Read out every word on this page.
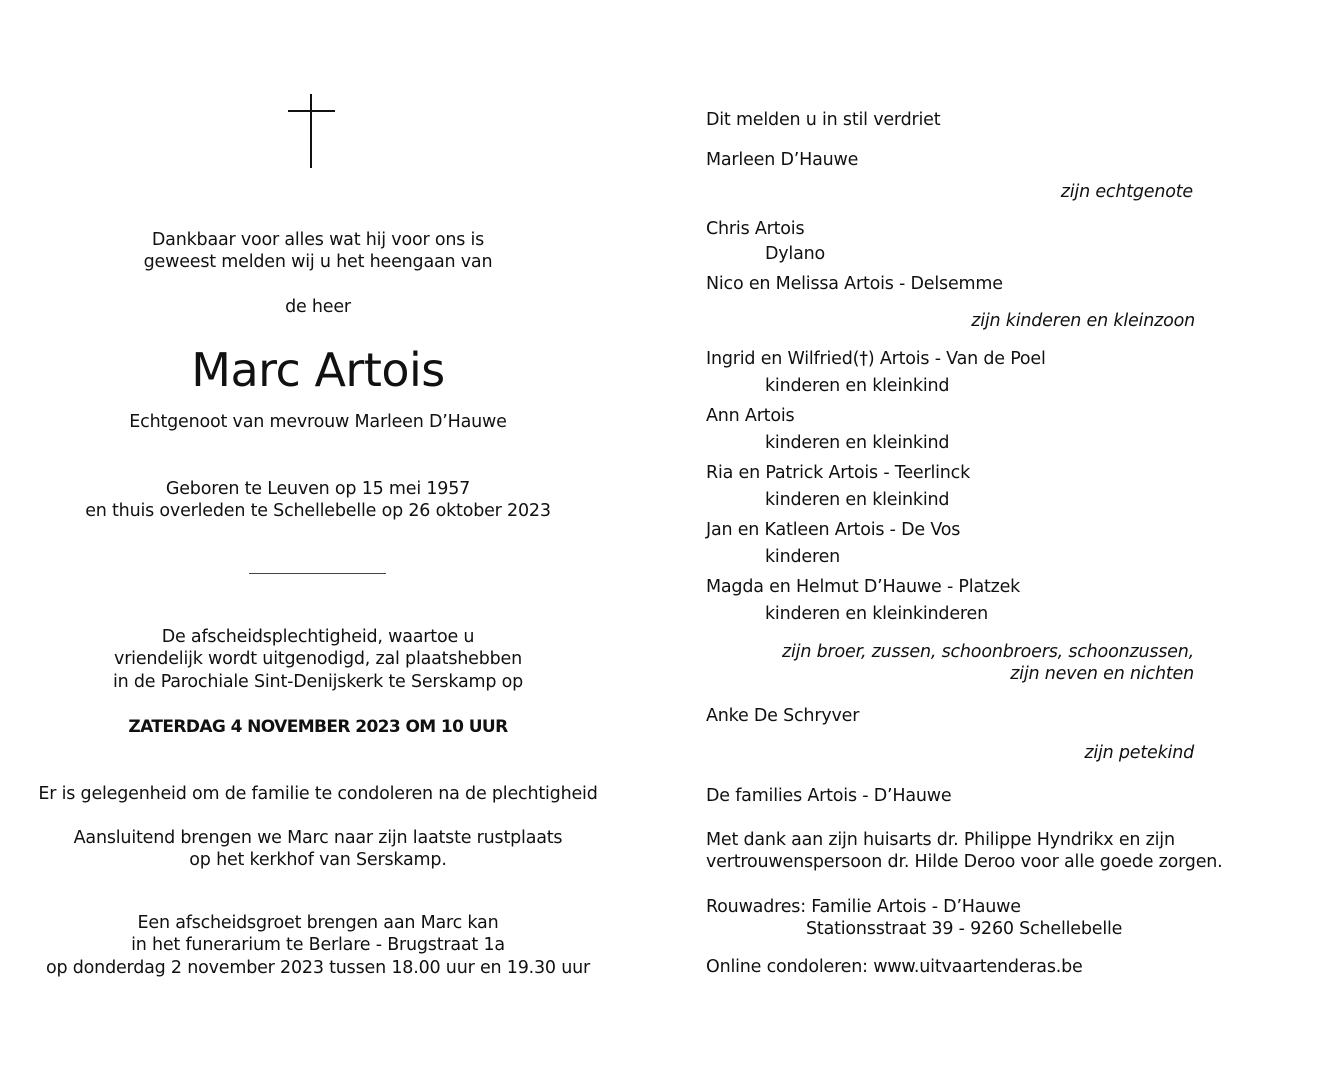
Dankbaar voor alles wat hij voor ons is
geweest melden wij u het heengaan van
de heer
Marc Artois
Echtgenoot van mevrouw Marleen D’Hauwe
Geboren te Leuven op 15 mei 1957
en thuis overleden te Schellebelle op 26 oktober 2023
De afscheidsplechtigheid, waartoe u
vriendelijk wordt uitgenodigd, zal plaatshebben
in de Parochiale Sint-Denijskerk te Serskamp op
ZATERDAG 4 NOVEMBER 2023 OM 10 UUR
Er is gelegenheid om de familie te condoleren na de plechtigheid
Aansluitend brengen we Marc naar zijn laatste rustplaats
op het kerkhof van Serskamp.
Een afscheidsgroet brengen aan Marc kan
in het funerarium te Berlare - Brugstraat 1a
op donderdag 2 november 2023 tussen 18.00 uur en 19.30 uur
Dit melden u in stil verdriet
Marleen D’Hauwe
zijn echtgenote
Chris Artois
Dylano
Nico en Melissa Artois - Delsemme
zijn kinderen en kleinzoon
Ingrid en Wilfried(†) Artois - Van de Poel
kinderen en kleinkind
Ann Artois
kinderen en kleinkind
Ria en Patrick Artois - Teerlinck
kinderen en kleinkind
Jan en Katleen Artois - De Vos
kinderen
Magda en Helmut D’Hauwe - Platzek
kinderen en kleinkinderen
zijn broer, zussen, schoonbroers, schoonzussen,
zijn neven en nichten
Anke De Schryver
zijn petekind
De families Artois - D’Hauwe
Met dank aan zijn huisarts dr. Philippe Hyndrikx en zijn
vertrouwenspersoon dr. Hilde Deroo voor alle goede zorgen.
Rouwadres: Familie Artois - D’Hauwe
Stationsstraat 39 - 9260 Schellebelle
Online condoleren: www.uitvaartenderas.be
